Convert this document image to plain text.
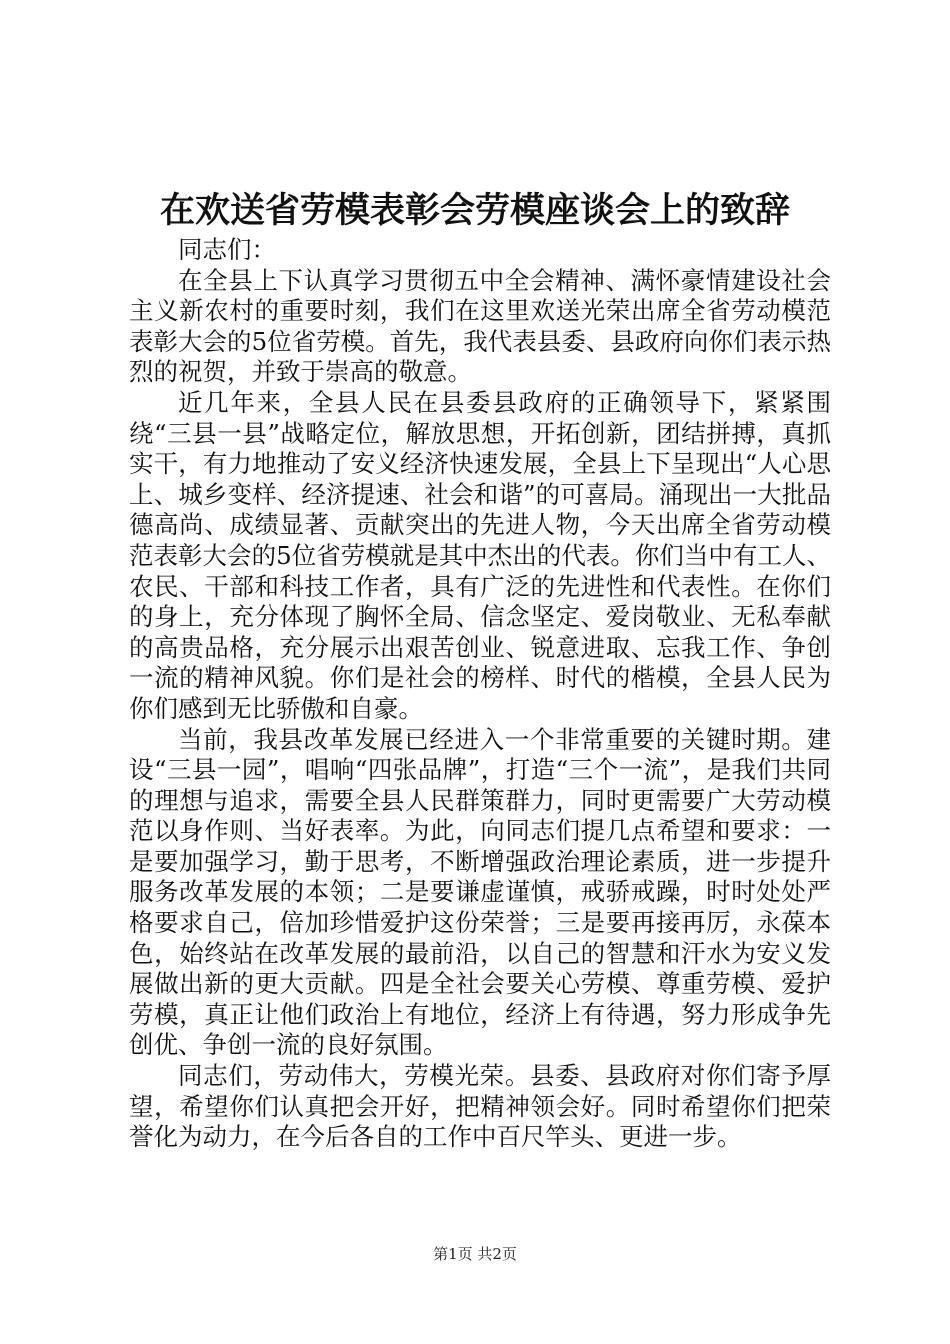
在欢送省劳模表彰会劳模座谈会上的致辞

同志们：

在全县上下认真学习贯彻五中全会精神、满怀豪情建设社会主义新农村的重要时刻，我们在这里欢送光荣出席全省劳动模范表彰大会的5位省劳模。首先，我代表县委、县政府向你们表示热烈的祝贺，并致于崇高的敬意。

近几年来，全县人民在县委县政府的正确领导下，紧紧围绕“三县一县”战略定位，解放思想，开拓创新，团结拼搏，真抓实干，有力地推动了安义经济快速发展，全县上下呈现出“人心思上、城乡变样、经济提速、社会和谐”的可喜局。涌现出一大批品德高尚、成绩显著、贡献突出的先进人物，今天出席全省劳动模范表彰大会的5位省劳模就是其中杰出的代表。你们当中有工人、农民、干部和科技工作者，具有广泛的先进性和代表性。在你们的身上，充分体现了胸怀全局、信念坚定、爱岗敬业、无私奉献的高贵品格，充分展示出艰苦创业、锐意进取、忘我工作、争创一流的精神风貌。你们是社会的榜样、时代的楷模，全县人民为你们感到无比骄傲和自豪。

当前，我县改革发展已经进入一个非常重要的关键时期。建设“三县一园”，唱响“四张品牌”，打造“三个一流”，是我们共同的理想与追求，需要全县人民群策群力，同时更需要广大劳动模范以身作则、当好表率。为此，向同志们提几点希望和要求：一是要加强学习，勤于思考，不断增强政治理论素质，进一步提升服务改革发展的本领；二是要谦虚谨慎，戒骄戒躁，时时处处严格要求自己，倍加珍惜爱护这份荣誉；三是要再接再厉，永葆本色，始终站在改革发展的最前沿，以自己的智慧和汗水为安义发展做出新的更大贡献。四是全社会要关心劳模、尊重劳模、爱护劳模，真正让他们政治上有地位，经济上有待遇，努力形成争先创优、争创一流的良好氛围。

同志们，劳动伟大，劳模光荣。县委、县政府对你们寄予厚望，希望你们认真把会开好，把精神领会好。同时希望你们把荣誉化为动力，在今后各自的工作中百尺竿头、更进一步。

第1页 共2页
